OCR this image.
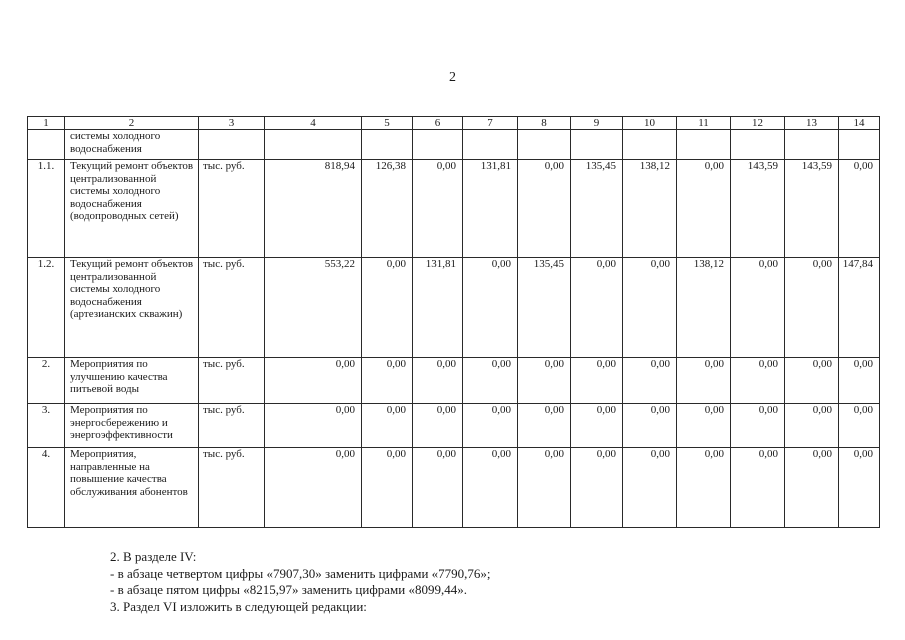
2
1	2	3	4	5	6	7	8	9	10	11	12	13	14
	системы холодного водоснабжения												
1.1.	Текущий ремонт объектов централизованной системы холодного водоснабжения (водопроводных сетей)	тыс. руб.	818,94	126,38	0,00	131,81	0,00	135,45	138,12	0,00	143,59	143,59	0,00
1.2.	Текущий ремонт объектов централизованной системы холодного водоснабжения (артезианских скважин)	тыс. руб.	553,22	0,00	131,81	0,00	135,45	0,00	0,00	138,12	0,00	0,00	147,84
2.	Мероприятия по улучшению качества питьевой воды	тыс. руб.	0,00	0,00	0,00	0,00	0,00	0,00	0,00	0,00	0,00	0,00	0,00
3.	Мероприятия по энергосбережению и энергоэффективности	тыс. руб.	0,00	0,00	0,00	0,00	0,00	0,00	0,00	0,00	0,00	0,00	0,00
4.	Мероприятия, направленные на повышение качества обслуживания абонентов	тыс. руб.	0,00	0,00	0,00	0,00	0,00	0,00	0,00	0,00	0,00	0,00	0,00

2. В разделе IV:

- в абзаце четвертом цифры «7907,30» заменить цифрами «7790,76»;

- в абзаце пятом цифры «8215,97» заменить цифрами «8099,44».

3. Раздел VI изложить в следующей редакции:
